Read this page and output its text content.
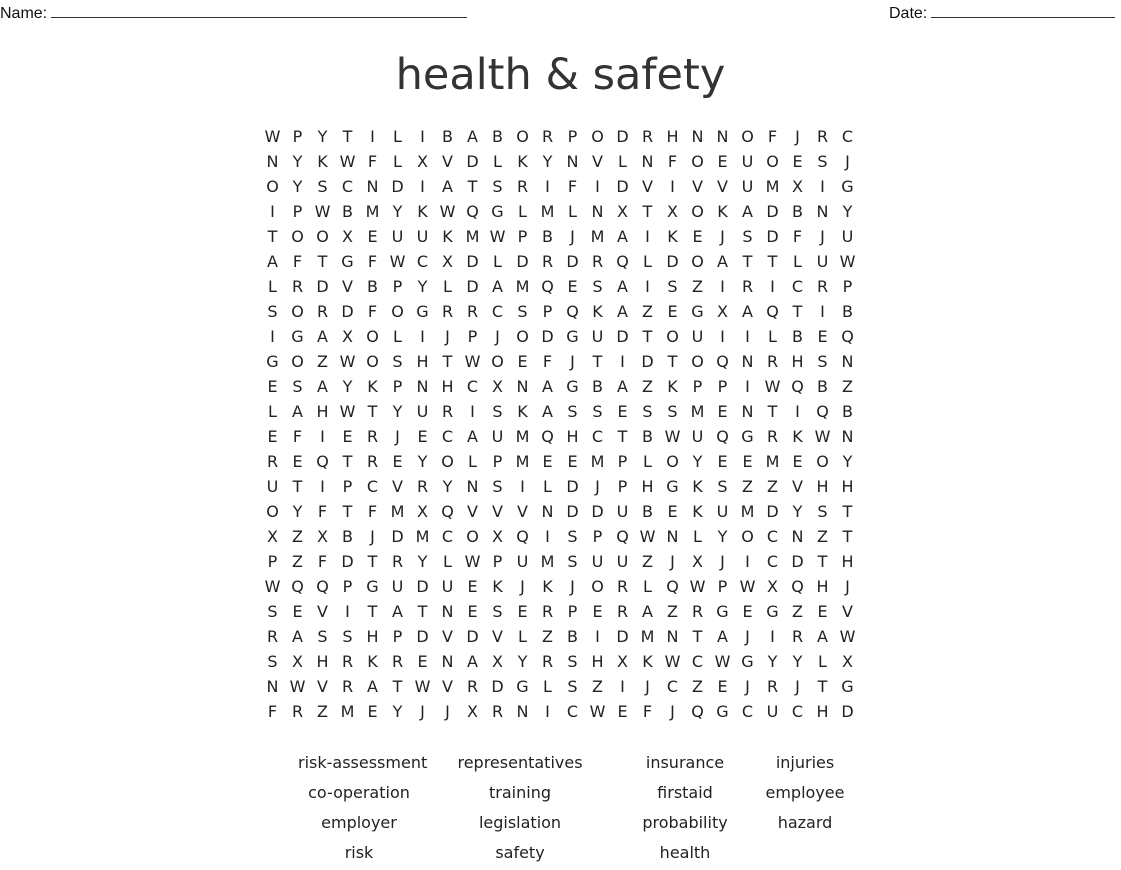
Name:	Date:
health & safety
W P Y T	I	L	I	B A B O R P O D R H N N O F	J	R C
N Y K W F L X V D L K Y N V L N F O E U O E S	J
O Y S C N D	I	A T S R	I	F	I	D V	I	V V U M X	I	G
I	P W B M Y K W Q G L M L N X T X O K A D B N Y
T O O X E U U K M W P B	J M A	I	K E	J	S D F	J	U
A F T G F W C X D L D R D R Q L D O A T T L U W
L R D V B P Y L D A M Q E S A	I	S Z	I	R	I	C R P
S O R D F O G R R C S P Q K A Z E G X A Q T	I	B
I	G A X O L	I	J	P	J	O D G U D T O U	I	I	L B E Q
G O Z W O S H T W O E F	J	T	I	D T O Q N R H S N
E S A Y K P N H C X N A G B A Z K P P	I W Q B Z
L A H W T Y U R	I	S K A S S E S S M E N T	I	Q B
E F	I	E R	J	E C A U M Q H C T B W U Q G R K W N
R E Q T R E Y O L P M E E M P L O Y E E M E O Y
U T	I	P C V R Y N S	I	L D	J	P H G K S Z Z V H H
O Y F T F M X Q V V V N D D U B E K U M D Y S T
X Z X B	J	D M C O X Q	I	S P Q W N L Y O C N Z T
P Z F D T R Y L W P U M S U U Z	J	X	J	I	C D T H
W Q Q P G U D U E K	J	K	J	O R L Q W P W X Q H	J
S E V	I	T A T N E S E R P E R A Z R G E G Z E V
R A S S H P D V D V L Z B	I	D M N T A	J	I	R A W
S X H R K R E N A X Y R S H X K W C W G Y Y L X
N W V R A T W V R D G L S Z	I	J	C Z E	J	R	J	T G
F R Z M E Y	J	J	X R N	I	C W E F	J	Q G C U C H D
risk-assessment	representatives	insurance	injuries
co-operation	training	firstaid	employee
employer	legislation	probability	hazard
risk	safety	health
